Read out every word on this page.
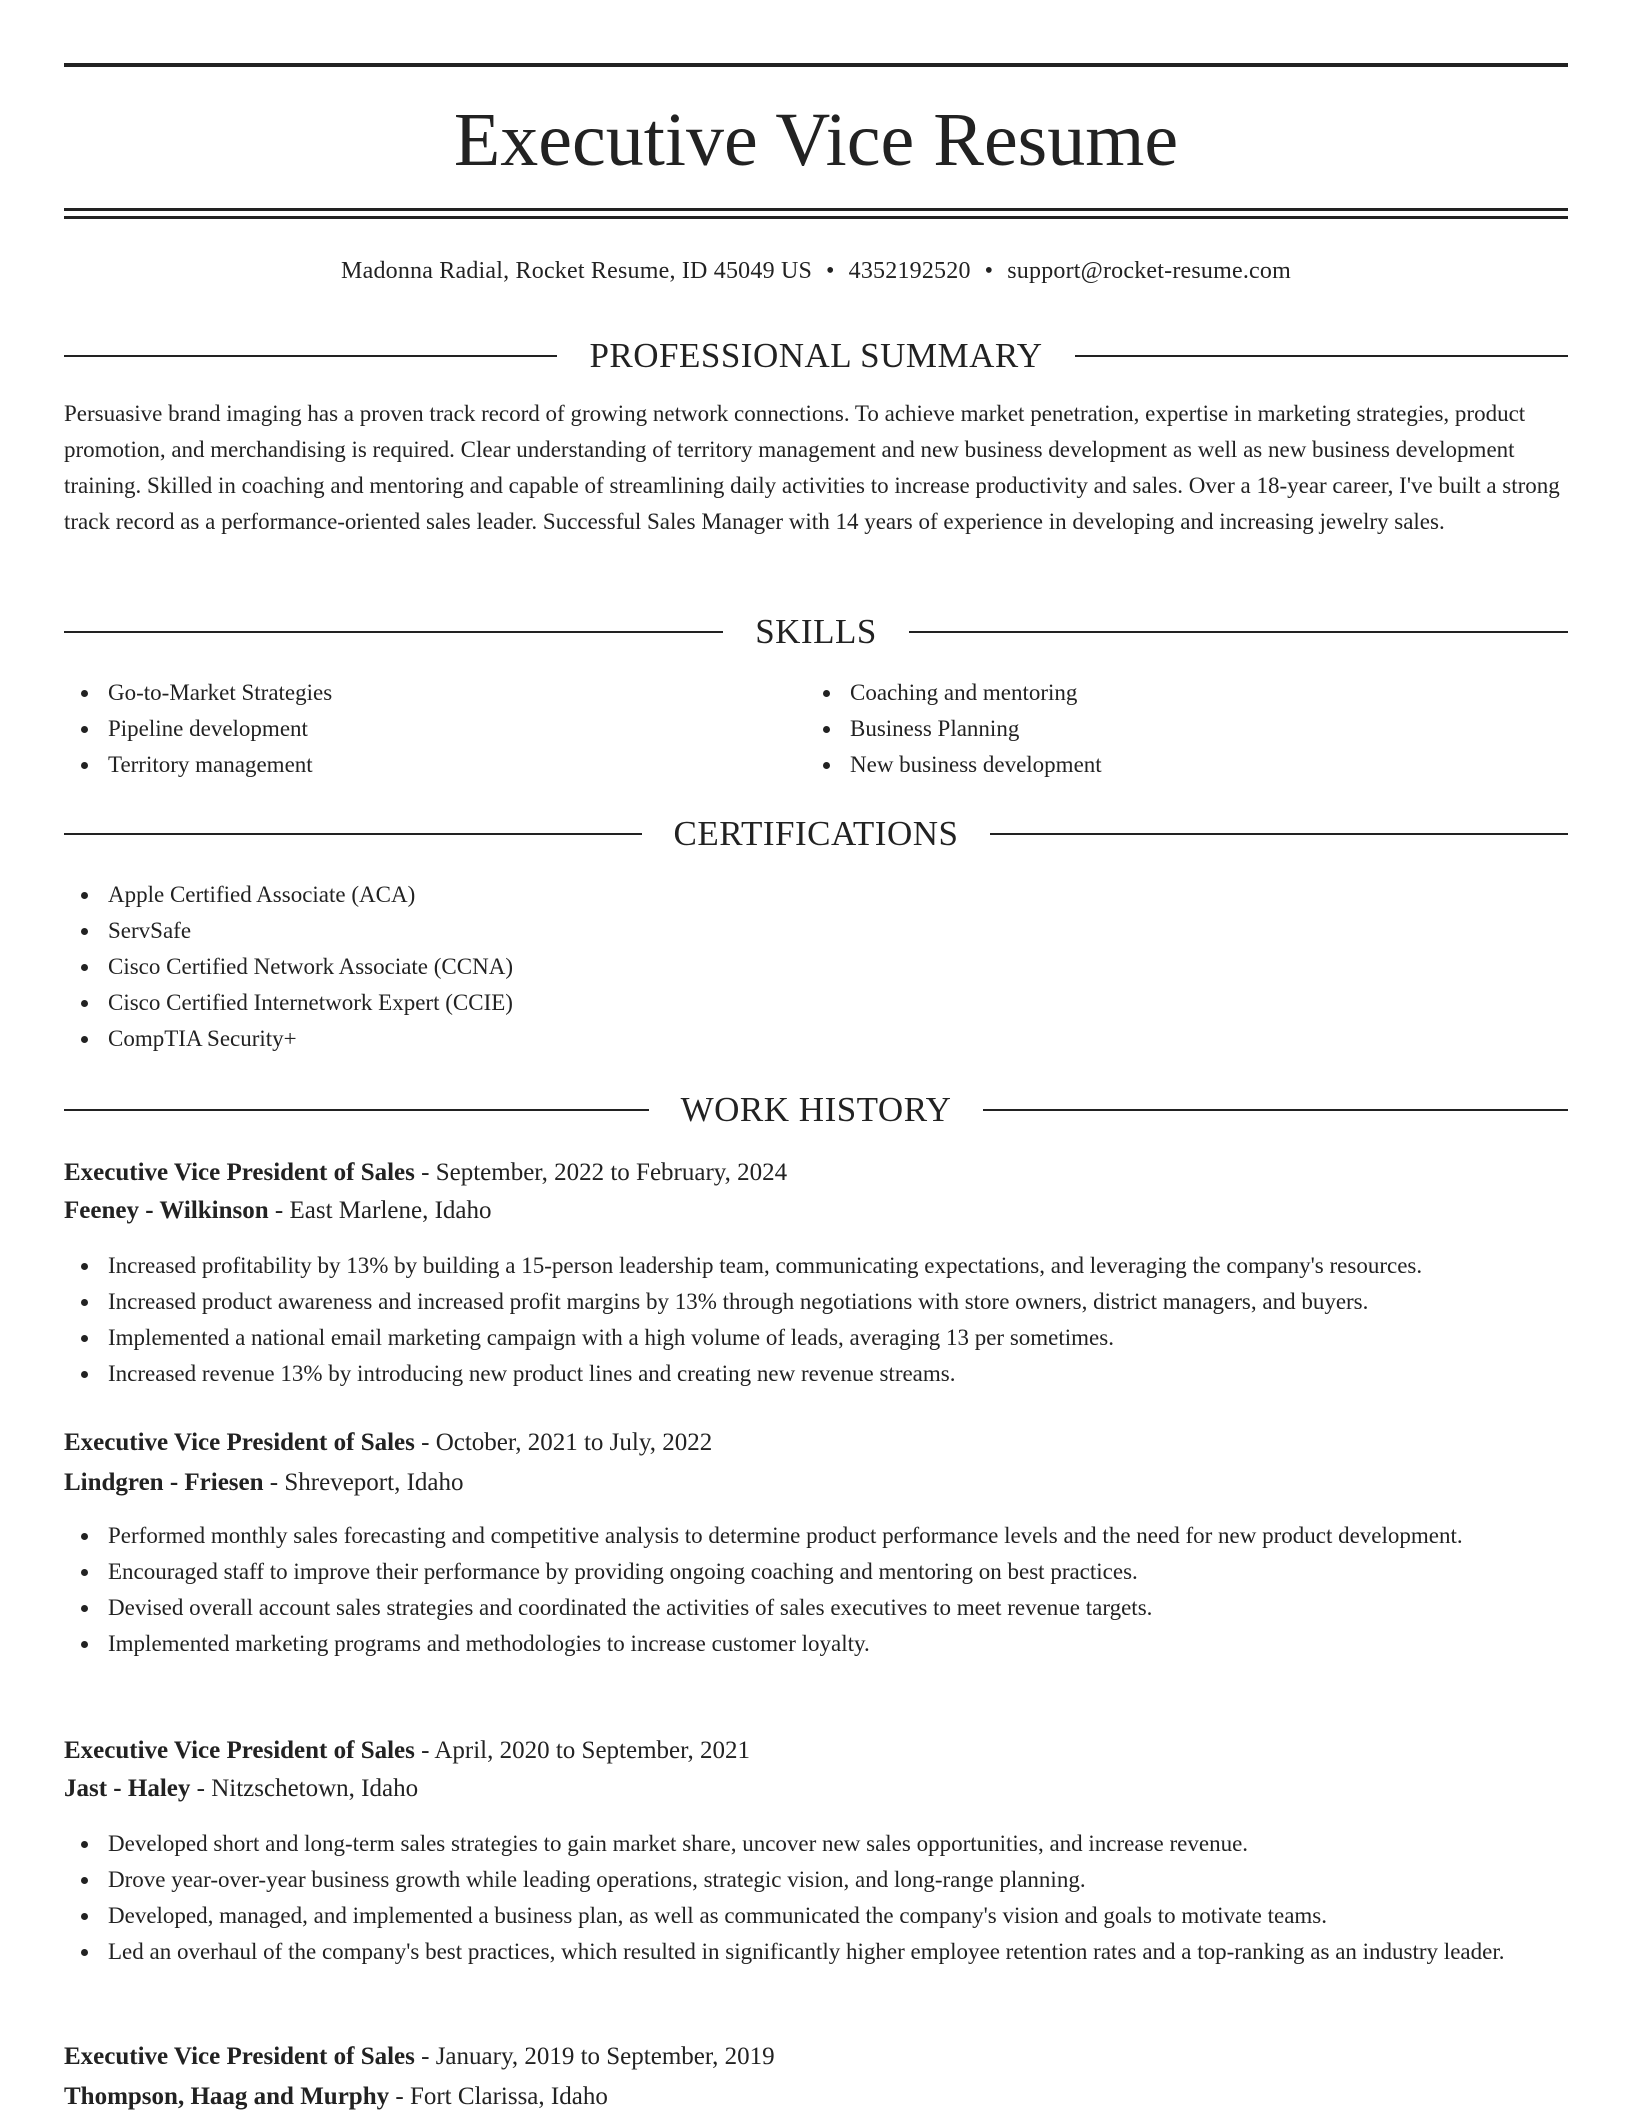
Executive Vice Resume
Madonna Radial, Rocket Resume, ID 45049 US • 4352192520 • support@rocket-resume.com
PROFESSIONAL SUMMARY

Persuasive brand imaging has a proven track record of growing network connections. To achieve market penetration, expertise in marketing strategies, product promotion, and merchandising is required. Clear understanding of territory management and new business development as well as new business development training. Skilled in coaching and mentoring and capable of streamlining daily activities to increase productivity and sales. Over a 18-year career, I've built a strong track record as a performance-oriented sales leader. Successful Sales Manager with 14 years of experience in developing and increasing jewelry sales.

SKILLS
Go-to-Market Strategies
Pipeline development
Territory management
Coaching and mentoring
Business Planning
New business development
CERTIFICATIONS
Apple Certified Associate (ACA)
ServSafe
Cisco Certified Network Associate (CCNA)
Cisco Certified Internetwork Expert (CCIE)
CompTIA Security+
WORK HISTORY
Executive Vice President of Sales - September, 2022 to February, 2024
Feeney - Wilkinson - East Marlene, Idaho
Increased profitability by 13% by building a 15-person leadership team, communicating expectations, and leveraging the company's resources.
Increased product awareness and increased profit margins by 13% through negotiations with store owners, district managers, and buyers.
Implemented a national email marketing campaign with a high volume of leads, averaging 13 per sometimes.
Increased revenue 13% by introducing new product lines and creating new revenue streams.
Executive Vice President of Sales - October, 2021 to July, 2022
Lindgren - Friesen - Shreveport, Idaho
Performed monthly sales forecasting and competitive analysis to determine product performance levels and the need for new product development.
Encouraged staff to improve their performance by providing ongoing coaching and mentoring on best practices.
Devised overall account sales strategies and coordinated the activities of sales executives to meet revenue targets.
Implemented marketing programs and methodologies to increase customer loyalty.
Executive Vice President of Sales - April, 2020 to September, 2021
Jast - Haley - Nitzschetown, Idaho
Developed short and long-term sales strategies to gain market share, uncover new sales opportunities, and increase revenue.
Drove year-over-year business growth while leading operations, strategic vision, and long-range planning.
Developed, managed, and implemented a business plan, as well as communicated the company's vision and goals to motivate teams.
Led an overhaul of the company's best practices, which resulted in significantly higher employee retention rates and a top-ranking as an industry leader.
Executive Vice President of Sales - January, 2019 to September, 2019
Thompson, Haag and Murphy - Fort Clarissa, Idaho
